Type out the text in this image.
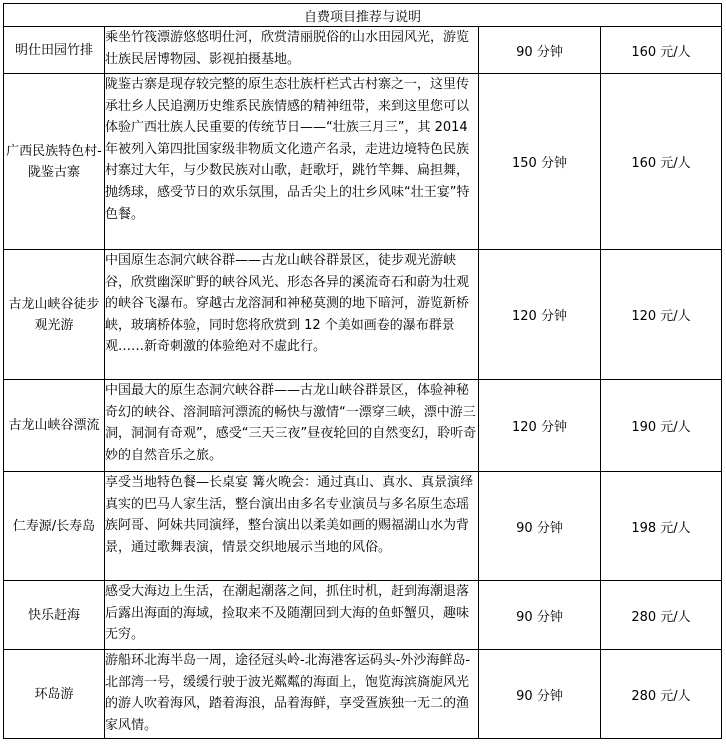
自费项目推荐与说明			
明仕田园竹排	乘坐竹筏漂游悠悠明仕河，欣赏清丽脱俗的山水田园风光，游览壮族民居博物园、影视拍摄基地。	90 分钟	160 元/人
广西民族特色村-陇鉴古寨	陇鉴古寨是现存较完整的原生态壮族杆栏式古村寨之一，这里传承壮乡人民追溯历史维系民族情感的精神纽带，来到这里您可以体验广西壮族人民重要的传统节日——“壮族三月三”，其 2014 年被列入第四批国家级非物质文化遗产名录，走进边境特色民族村寨过大年，与少数民族对山歌，赶歌圩，跳竹竿舞、扁担舞，抛绣球，感受节日的欢乐氛围，品舌尖上的壮乡风味“壮王宴”特色餐。	150 分钟	160 元/人
古龙山峡谷徒步观光游	中国原生态洞穴峡谷群——古龙山峡谷群景区，徒步观光游峡谷，欣赏幽深旷野的峡谷风光、形态各异的溪流奇石和蔚为壮观的峡谷飞瀑布。穿越古龙溶洞和神秘莫测的地下暗河，游览新桥峡，玻璃桥体验，同时您将欣赏到 12 个美如画卷的瀑布群景观……新奇刺激的体验绝对不虚此行。	120 分钟	120 元/人
古龙山峡谷漂流	中国最大的原生态洞穴峡谷群——古龙山峡谷群景区，体验神秘奇幻的峡谷、溶洞暗河漂流的畅快与激情“一漂穿三峡，漂中游三洞，洞洞有奇观”，感受“三天三夜”昼夜轮回的自然变幻，聆听奇妙的自然音乐之旅。	120 分钟	190 元/人
仁寿源/长寿岛	享受当地特色餐—长桌宴 篝火晚会：通过真山、真水、真景演绎真实的巴马人家生活，整台演出由多名专业演员与多名原生态瑶族阿哥、阿妹共同演绎，整台演出以柔美如画的赐福湖山水为背景，通过歌舞表演，情景交织地展示当地的风俗。	90 分钟	198 元/人
快乐赶海	感受大海边上生活，在潮起潮落之间，抓住时机，赶到海潮退落后露出海面的海域，捡取来不及随潮回到大海的鱼虾蟹贝，趣味无穷。	90 分钟	280 元/人
环岛游	游船环北海半岛一周，途径冠头岭-北海港客运码头-外沙海鲜岛-北部湾一号，缓缓行驶于波光粼粼的海面上，饱览海滨旖旎风光的游人吹着海风，踏着海浪，品着海鲜，享受疍族独一无二的渔家风情。	90 分钟	280 元/人
